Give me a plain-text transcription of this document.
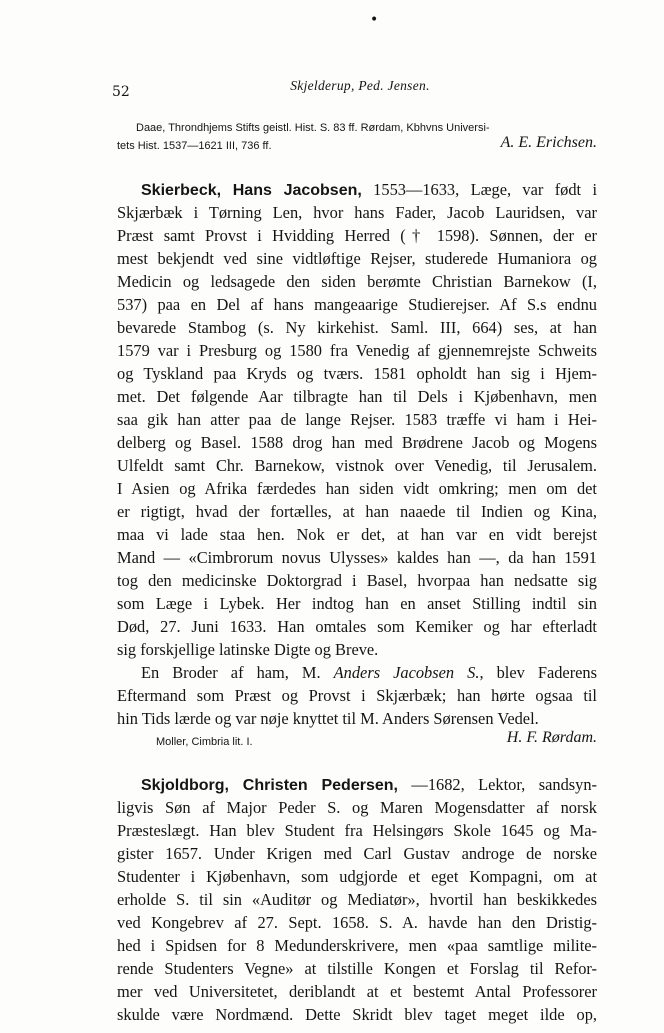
•
52	Skjelderup, Ped. Jensen.
Daae, Throndhjems Stifts geistl. Hist. S. 83 ff. Rørdam, Kbhvns Universi-
tets Hist. 1537—1621 III, 736 ff.	A. E. Erichsen.
Skierbeck, Hans Jacobsen, 1553—1633, Læge, var født i
Skjærbæk i Tørning Len, hvor hans Fader, Jacob Lauridsen, var
Præst samt Provst i Hvidding Herred († 1598). Sønnen, der er
mest bekjendt ved sine vidtløftige Rejser, studerede Humaniora og
Medicin og ledsagede den siden berømte Christian Barnekow (I,
537) paa en Del af hans mangeaarige Studierejser. Af S.s endnu
bevarede Stambog (s. Ny kirkehist. Saml. III, 664) ses, at han
1579 var i Presburg og 1580 fra Venedig af gjennemrejste Schweits
og Tyskland paa Kryds og tværs. 1581 opholdt han sig i Hjem-
met. Det følgende Aar tilbragte han til Dels i Kjøbenhavn, men
saa gik han atter paa de lange Rejser. 1583 træffe vi ham i Hei-
delberg og Basel. 1588 drog han med Brødrene Jacob og Mogens
Ulfeldt samt Chr. Barnekow, vistnok over Venedig, til Jerusalem.
I Asien og Afrika færdedes han siden vidt omkring; men om det
er rigtigt, hvad der fortælles, at han naaede til Indien og Kina,
maa vi lade staa hen. Nok er det, at han var en vidt berejst
Mand — «Cimbrorum novus Ulysses» kaldes han —, da han 1591
tog den medicinske Doktorgrad i Basel, hvorpaa han nedsatte sig
som Læge i Lybek. Her indtog han en anset Stilling indtil sin
Død, 27. Juni 1633. Han omtales som Kemiker og har efterladt
sig forskjellige latinske Digte og Breve.
En Broder af ham, M. Anders Jacobsen S., blev Faderens
Eftermand som Præst og Provst i Skjærbæk; han hørte ogsaa til
hin Tids lærde og var nøje knyttet til M. Anders Sørensen Vedel.
Moller, Cimbria lit. I.	H. F. Rørdam.
Skjoldborg, Christen Pedersen, —1682, Lektor, sandsyn-
ligvis Søn af Major Peder S. og Maren Mogensdatter af norsk
Præsteslægt. Han blev Student fra Helsingørs Skole 1645 og Ma-
gister 1657. Under Krigen med Carl Gustav androge de norske
Studenter i Kjøbenhavn, som udgjorde et eget Kompagni, om at
erholde S. til sin «Auditør og Mediatør», hvortil han beskikkedes
ved Kongebrev af 27. Sept. 1658. S. A. havde han den Dristig-
hed i Spidsen for 8 Medunderskrivere, men «paa samtlige milite-
rende Studenters Vegne» at tilstille Kongen et Forslag til Refor-
mer ved Universitetet, deriblandt at et bestemt Antal Professorer
skulde være Nordmænd. Dette Skridt blev taget meget ilde op,
